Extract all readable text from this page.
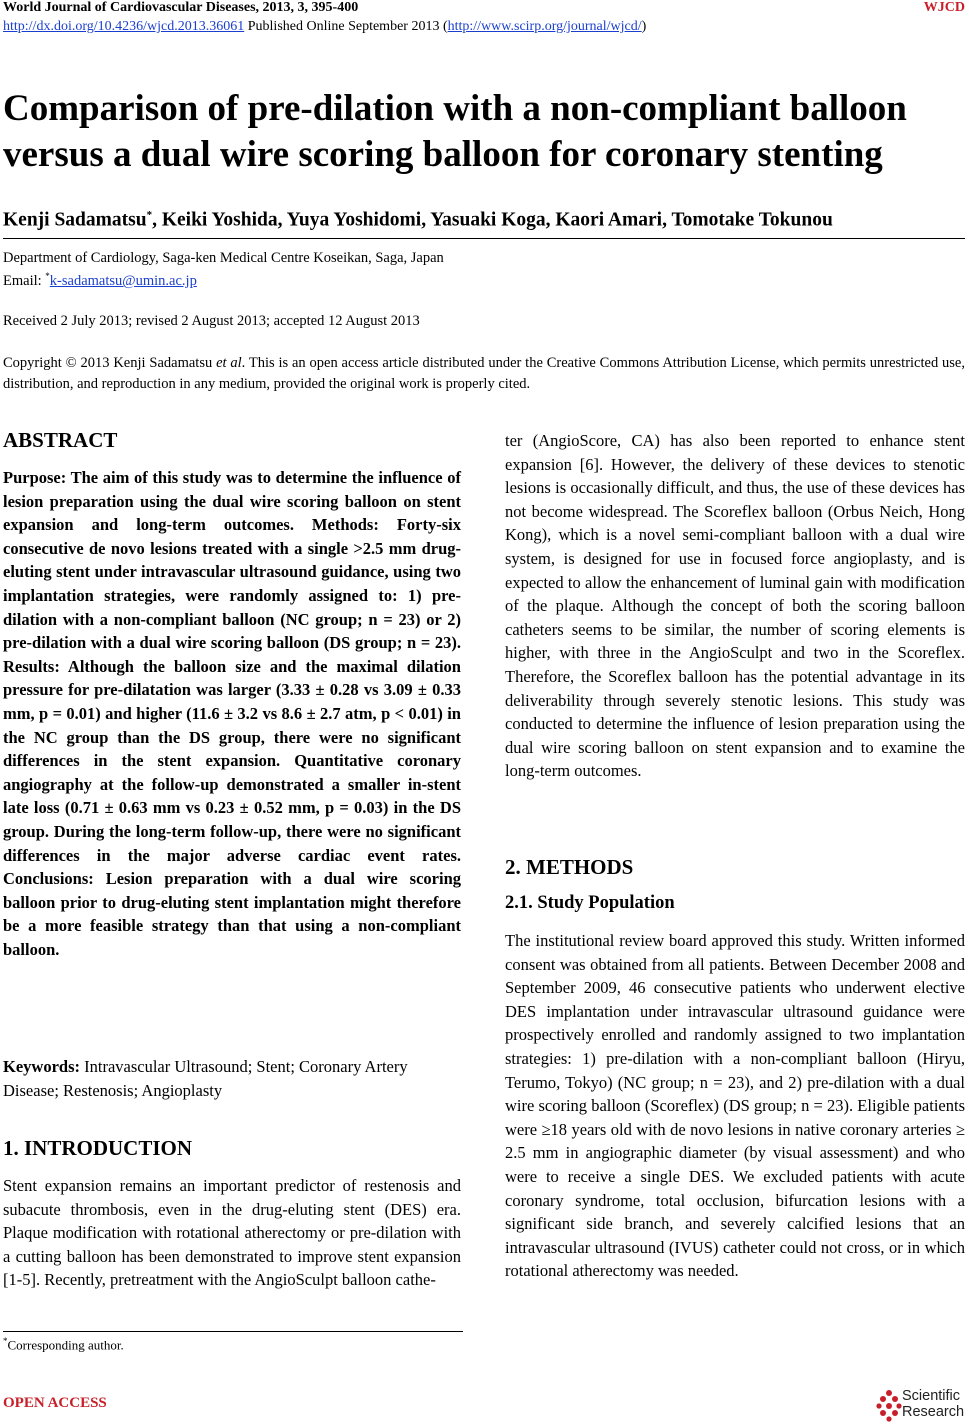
World Journal of Cardiovascular Diseases, 2013, 3, 395-400	WJCD
http://dx.doi.org/10.4236/wjcd.2013.36061 Published Online September 2013 (http://www.scirp.org/journal/wjcd/)
Comparison of pre-dilation with a non-compliant balloon versus a dual wire scoring balloon for coronary stenting
Kenji Sadamatsu*, Keiki Yoshida, Yuya Yoshidomi, Yasuaki Koga, Kaori Amari, Tomotake Tokunou
Department of Cardiology, Saga-ken Medical Centre Koseikan, Saga, Japan
Email: *k-sadamatsu@umin.ac.jp
Received 2 July 2013; revised 2 August 2013; accepted 12 August 2013
Copyright © 2013 Kenji Sadamatsu et al. This is an open access article distributed under the Creative Commons Attribution License, which permits unrestricted use, distribution, and reproduction in any medium, provided the original work is properly cited.
ABSTRACT
Purpose: The aim of this study was to determine the influence of lesion preparation using the dual wire scoring balloon on stent expansion and long-term outcomes. Methods: Forty-six consecutive de novo lesions treated with a single >2.5 mm drug-eluting stent under intravascular ultrasound guidance, using two implantation strategies, were randomly assigned to: 1) pre-dilation with a non-compliant balloon (NC group; n = 23) or 2) pre-dilation with a dual wire scoring balloon (DS group; n = 23). Results: Although the balloon size and the maximal dilation pressure for pre-dilatation was larger (3.33 ± 0.28 vs 3.09 ± 0.33 mm, p = 0.01) and higher (11.6 ± 3.2 vs 8.6 ± 2.7 atm, p < 0.01) in the NC group than the DS group, there were no significant differences in the stent expansion. Quantitative coronary angiography at the follow-up demonstrated a smaller in-stent late loss (0.71 ± 0.63 mm vs 0.23 ± 0.52 mm, p = 0.03) in the DS group. During the long-term follow-up, there were no significant differences in the major adverse cardiac event rates. Conclusions: Lesion preparation with a dual wire scoring balloon prior to drug-eluting stent implantation might therefore be a more feasible strategy than that using a non-compliant balloon.
Keywords: Intravascular Ultrasound; Stent; Coronary Artery Disease; Restenosis; Angioplasty
1. INTRODUCTION
Stent expansion remains an important predictor of restenosis and subacute thrombosis, even in the drug-eluting stent (DES) era. Plaque modification with rotational atherectomy or pre-dilation with a cutting balloon has been demonstrated to improve stent expansion [1-5]. Recently, pretreatment with the AngioSculpt balloon cathe-
ter (AngioScore, CA) has also been reported to enhance stent expansion [6]. However, the delivery of these devices to stenotic lesions is occasionally difficult, and thus, the use of these devices has not become widespread. The Scoreflex balloon (Orbus Neich, Hong Kong), which is a novel semi-compliant balloon with a dual wire system, is designed for use in focused force angioplasty, and is expected to allow the enhancement of luminal gain with modification of the plaque. Although the concept of both the scoring balloon catheters seems to be similar, the number of scoring elements is higher, with three in the AngioSculpt and two in the Scoreflex. Therefore, the Scoreflex balloon has the potential advantage in its deliverability through severely stenotic lesions. This study was conducted to determine the influence of lesion preparation using the dual wire scoring balloon on stent expansion and to examine the long-term outcomes.
2. METHODS
2.1. Study Population
The institutional review board approved this study. Written informed consent was obtained from all patients. Between December 2008 and September 2009, 46 consecutive patients who underwent elective DES implantation under intravascular ultrasound guidance were prospectively enrolled and randomly assigned to two implantation strategies: 1) pre-dilation with a non-compliant balloon (Hiryu, Terumo, Tokyo) (NC group; n = 23), and 2) pre-dilation with a dual wire scoring balloon (Scoreflex) (DS group; n = 23). Eligible patients were ≥18 years old with de novo lesions in native coronary arteries ≥ 2.5 mm in angiographic diameter (by visual assessment) and who were to receive a single DES. We excluded patients with acute coronary syndrome, total occlusion, bifurcation lesions with a significant side branch, and severely calcified lesions that an intravascular ultrasound (IVUS) catheter could not cross, or in which rotational atherectomy was needed.
*Corresponding author.
OPEN ACCESS	Scientific
Research
